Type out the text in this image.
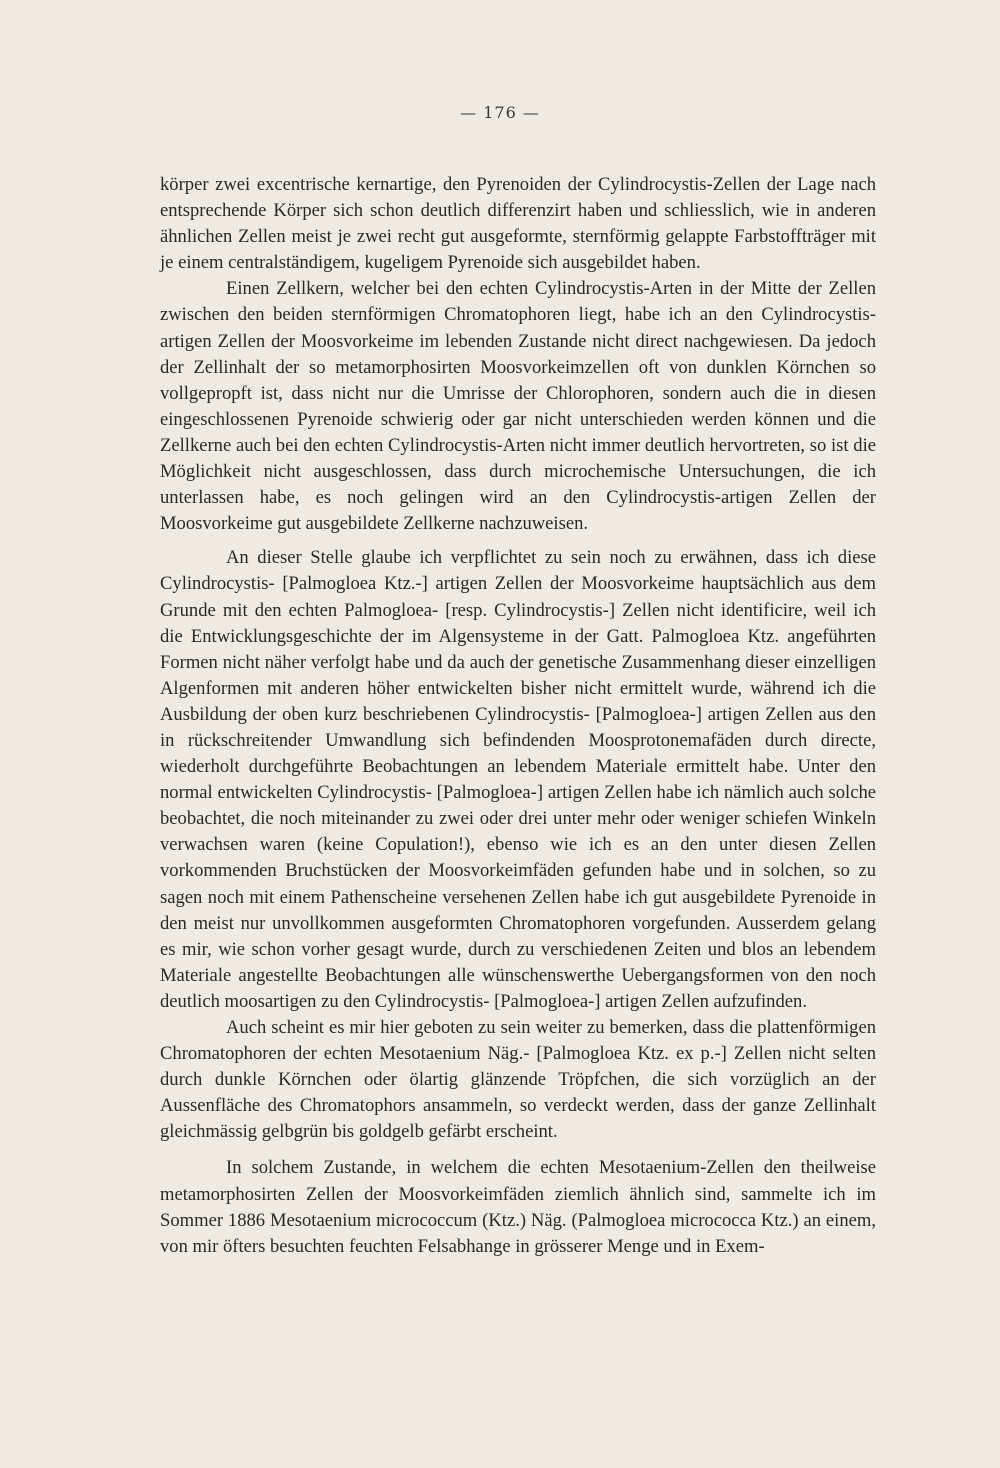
— 176 —

körper zwei excentrische kernartige, den Pyrenoiden der Cylindrocystis-Zellen der Lage nach entsprechende Körper sich schon deutlich differenzirt haben und schliesslich, wie in anderen ähnlichen Zellen meist je zwei recht gut ausgeformte, sternförmig gelappte Farbstoffträger mit je einem centralständigem, kugeligem Pyrenoide sich ausgebildet haben.

Einen Zellkern, welcher bei den echten Cylindrocystis-Arten in der Mitte der Zellen zwischen den beiden sternförmigen Chromatophoren liegt, habe ich an den Cylindrocystis-artigen Zellen der Moosvorkeime im lebenden Zustande nicht direct nachgewiesen. Da jedoch der Zellinhalt der so metamorphosirten Moosvorkeimzellen oft von dunklen Körnchen so vollgepropft ist, dass nicht nur die Umrisse der Chlorophoren, sondern auch die in diesen eingeschlossenen Pyrenoide schwierig oder gar nicht unterschieden werden können und die Zellkerne auch bei den echten Cylindrocystis-Arten nicht immer deutlich hervortreten, so ist die Möglichkeit nicht ausgeschlossen, dass durch microchemische Untersuchungen, die ich unterlassen habe, es noch gelingen wird an den Cylindrocystis-artigen Zellen der Moosvorkeime gut ausgebildete Zellkerne nachzuweisen.

An dieser Stelle glaube ich verpflichtet zu sein noch zu erwähnen, dass ich diese Cylindrocystis- [Palmogloea Ktz.-] artigen Zellen der Moosvorkeime hauptsächlich aus dem Grunde mit den echten Palmogloea- [resp. Cylindrocystis-] Zellen nicht identificire, weil ich die Entwicklungsgeschichte der im Algensysteme in der Gatt. Palmogloea Ktz. angeführten Formen nicht näher verfolgt habe und da auch der genetische Zusammenhang dieser einzelligen Algenformen mit anderen höher entwickelten bisher nicht ermittelt wurde, während ich die Ausbildung der oben kurz beschriebenen Cylindrocystis- [Palmogloea-] artigen Zellen aus den in rückschreitender Umwandlung sich befindenden Moosprotonemafäden durch directe, wiederholt durchgeführte Beobachtungen an lebendem Materiale ermittelt habe. Unter den normal entwickelten Cylindrocystis- [Palmogloea-] artigen Zellen habe ich nämlich auch solche beobachtet, die noch miteinander zu zwei oder drei unter mehr oder weniger schiefen Winkeln verwachsen waren (keine Copulation!), ebenso wie ich es an den unter diesen Zellen vorkommenden Bruchstücken der Moosvorkeimfäden gefunden habe und in solchen, so zu sagen noch mit einem Pathenscheine versehenen Zellen habe ich gut ausgebildete Pyrenoide in den meist nur unvollkommen ausgeformten Chromatophoren vorgefunden. Ausserdem gelang es mir, wie schon vorher gesagt wurde, durch zu verschiedenen Zeiten und blos an lebendem Materiale angestellte Beobachtungen alle wünschenswerthe Uebergangsformen von den noch deutlich moosartigen zu den Cylindrocystis- [Palmogloea-] artigen Zellen aufzufinden.

Auch scheint es mir hier geboten zu sein weiter zu bemerken, dass die plattenförmigen Chromatophoren der echten Mesotaenium Näg.- [Palmogloea Ktz. ex p.-] Zellen nicht selten durch dunkle Körnchen oder ölartig glänzende Tröpfchen, die sich vorzüglich an der Aussenfläche des Chromatophors ansammeln, so verdeckt werden, dass der ganze Zellinhalt gleichmässig gelbgrün bis goldgelb gefärbt erscheint.

In solchem Zustande, in welchem die echten Mesotaenium-Zellen den theilweise metamorphosirten Zellen der Moosvorkeimfäden ziemlich ähnlich sind, sammelte ich im Sommer 1886 Mesotaenium micrococcum (Ktz.) Näg. (Palmogloea micrococca Ktz.) an einem, von mir öfters besuchten feuchten Felsabhange in grösserer Menge und in Exem-
